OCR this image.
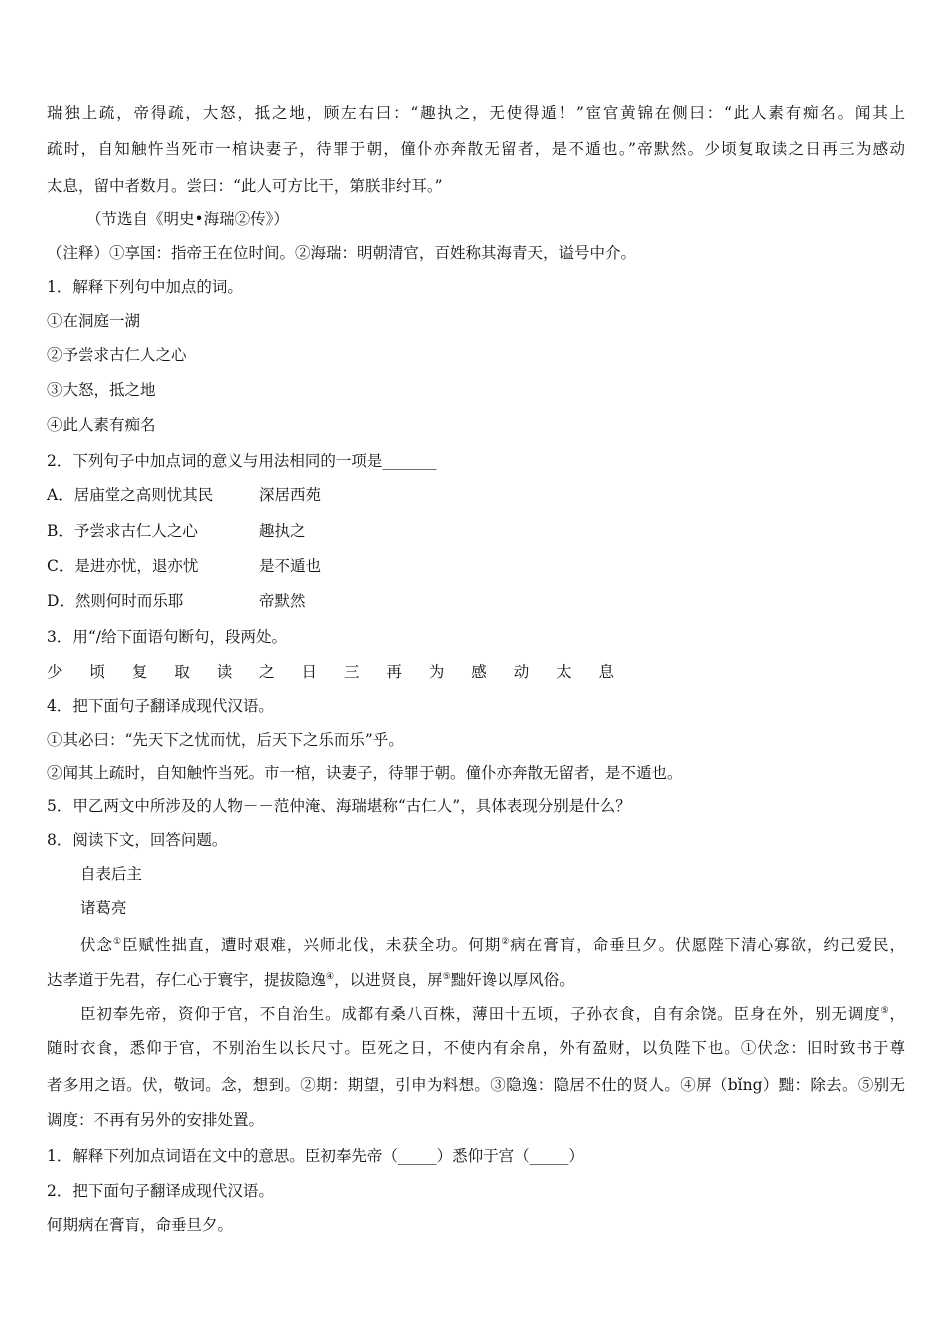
瑞独上疏，帝得疏，大怒，抵之地，顾左右曰：“趣执之，无使得遁！”宦官黄锦在侧曰：“此人素有痴名。闻其上
疏时，自知触忤当死市一棺诀妻子，待罪于朝，僮仆亦奔散无留者，是不遁也。”帝默然。少顷复取读之日再三为感动
太息，留中者数月。尝曰：“此人可方比干，第朕非纣耳。”
（节选自《明史•海瑞②传》）
（注释）①享国：指帝王在位时间。②海瑞：明朝清官，百姓称其海青天，谥号中介。
1．解释下列句中加点的词。
①在洞庭一湖
②予尝求古仁人之心
③大怒，抵之地
④此人素有痴名
2．下列句子中加点词的意义与用法相同的一项是_______
A．居庙堂之高则忧其民	深居西苑
B．予尝求古仁人之心	趣执之
C．是进亦忧，退亦忧	是不遁也
D．然则何时而乐耶	帝默然
3．用“/给下面语句断句，段两处。
少 顷 复 取 读 之 日 三 再 为 感 动 太 息
4．把下面句子翻译成现代汉语。
①其必曰：“先天下之忧而忧，后天下之乐而乐”乎。
②闻其上疏时，自知触忤当死。市一棺，诀妻子，待罪于朝。僮仆亦奔散无留者，是不遁也。
5．甲乙两文中所涉及的人物－－范仲淹、海瑞堪称“古仁人”，具体表现分别是什么？
8．阅读下文，回答问题。
自表后主
诸葛亮
伏念①臣赋性拙直，遭时艰难，兴师北伐，未获全功。何期②病在膏肓，命垂旦夕。伏愿陛下清心寡欲，约己爱民，
达孝道于先君，存仁心于寰宇，提拔隐逸④，以进贤良，屏⑤黜奸谗以厚风俗。
臣初奉先帝，资仰于官，不自治生。成都有桑八百株，薄田十五顷，子孙衣食，自有余饶。臣身在外，别无调度⑤，
随时衣食，悉仰于官，不别治生以长尺寸。臣死之日，不使内有余帛，外有盈财，以负陛下也。①伏念：旧时致书于尊
者多用之语。伏，敬词。念，想到。②期：期望，引申为料想。③隐逸：隐居不仕的贤人。④屏（bǐng）黜：除去。⑤别无
调度：不再有另外的安排处置。
1．解释下列加点词语在文中的意思。臣初奉先帝（_____）悉仰于宫（_____）
2．把下面句子翻译成现代汉语。
何期病在膏肓，命垂旦夕。
